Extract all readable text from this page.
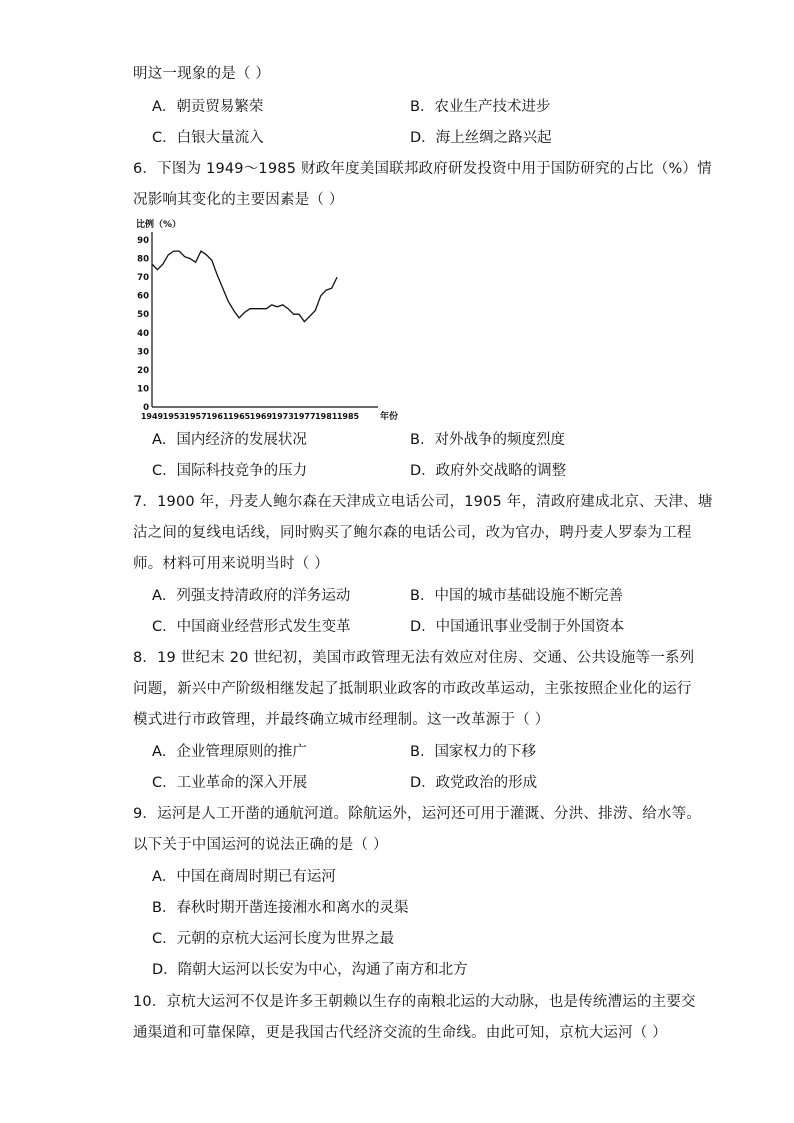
明这一现象的是（ ）
A．朝贡贸易繁荣	B．农业生产技术进步
C．白银大量流入	D．海上丝绸之路兴起
6．下图为 1949～1985 财政年度美国联邦政府研发投资中用于国防研究的占比（%）情
况影响其变化的主要因素是（ ）
比例（%）
年份
0
10
20
30
40
50
60
70
80
90
1949 1953 1957 1961 1965 1969 1973 1977 1981 1985
A．国内经济的发展状况	B．对外战争的频度烈度
C．国际科技竞争的压力	D．政府外交战略的调整
7．1900 年，丹麦人鲍尔森在天津成立电话公司，1905 年，清政府建成北京、天津、塘
沽之间的复线电话线，同时购买了鲍尔森的电话公司，改为官办，聘丹麦人罗泰为工程
师。材料可用来说明当时（ ）
A．列强支持清政府的洋务运动	B．中国的城市基础设施不断完善
C．中国商业经营形式发生变革	D．中国通讯事业受制于外国资本
8．19 世纪末 20 世纪初，美国市政管理无法有效应对住房、交通、公共设施等一系列
问题，新兴中产阶级相继发起了抵制职业政客的市政改革运动，主张按照企业化的运行
模式进行市政管理，并最终确立城市经理制。这一改革源于（ ）
A．企业管理原则的推广	B．国家权力的下移
C．工业革命的深入开展	D．政党政治的形成
9．运河是人工开凿的通航河道。除航运外，运河还可用于灌溉、分洪、排涝、给水等。
以下关于中国运河的说法正确的是（ ）
A．中国在商周时期已有运河
B．春秋时期开凿连接湘水和离水的灵渠
C．元朝的京杭大运河长度为世界之最
D．隋朝大运河以长安为中心，沟通了南方和北方
10．京杭大运河不仅是许多王朝赖以生存的南粮北运的大动脉，也是传统漕运的主要交
通渠道和可靠保障，更是我国古代经济交流的生命线。由此可知，京杭大运河（ ）
